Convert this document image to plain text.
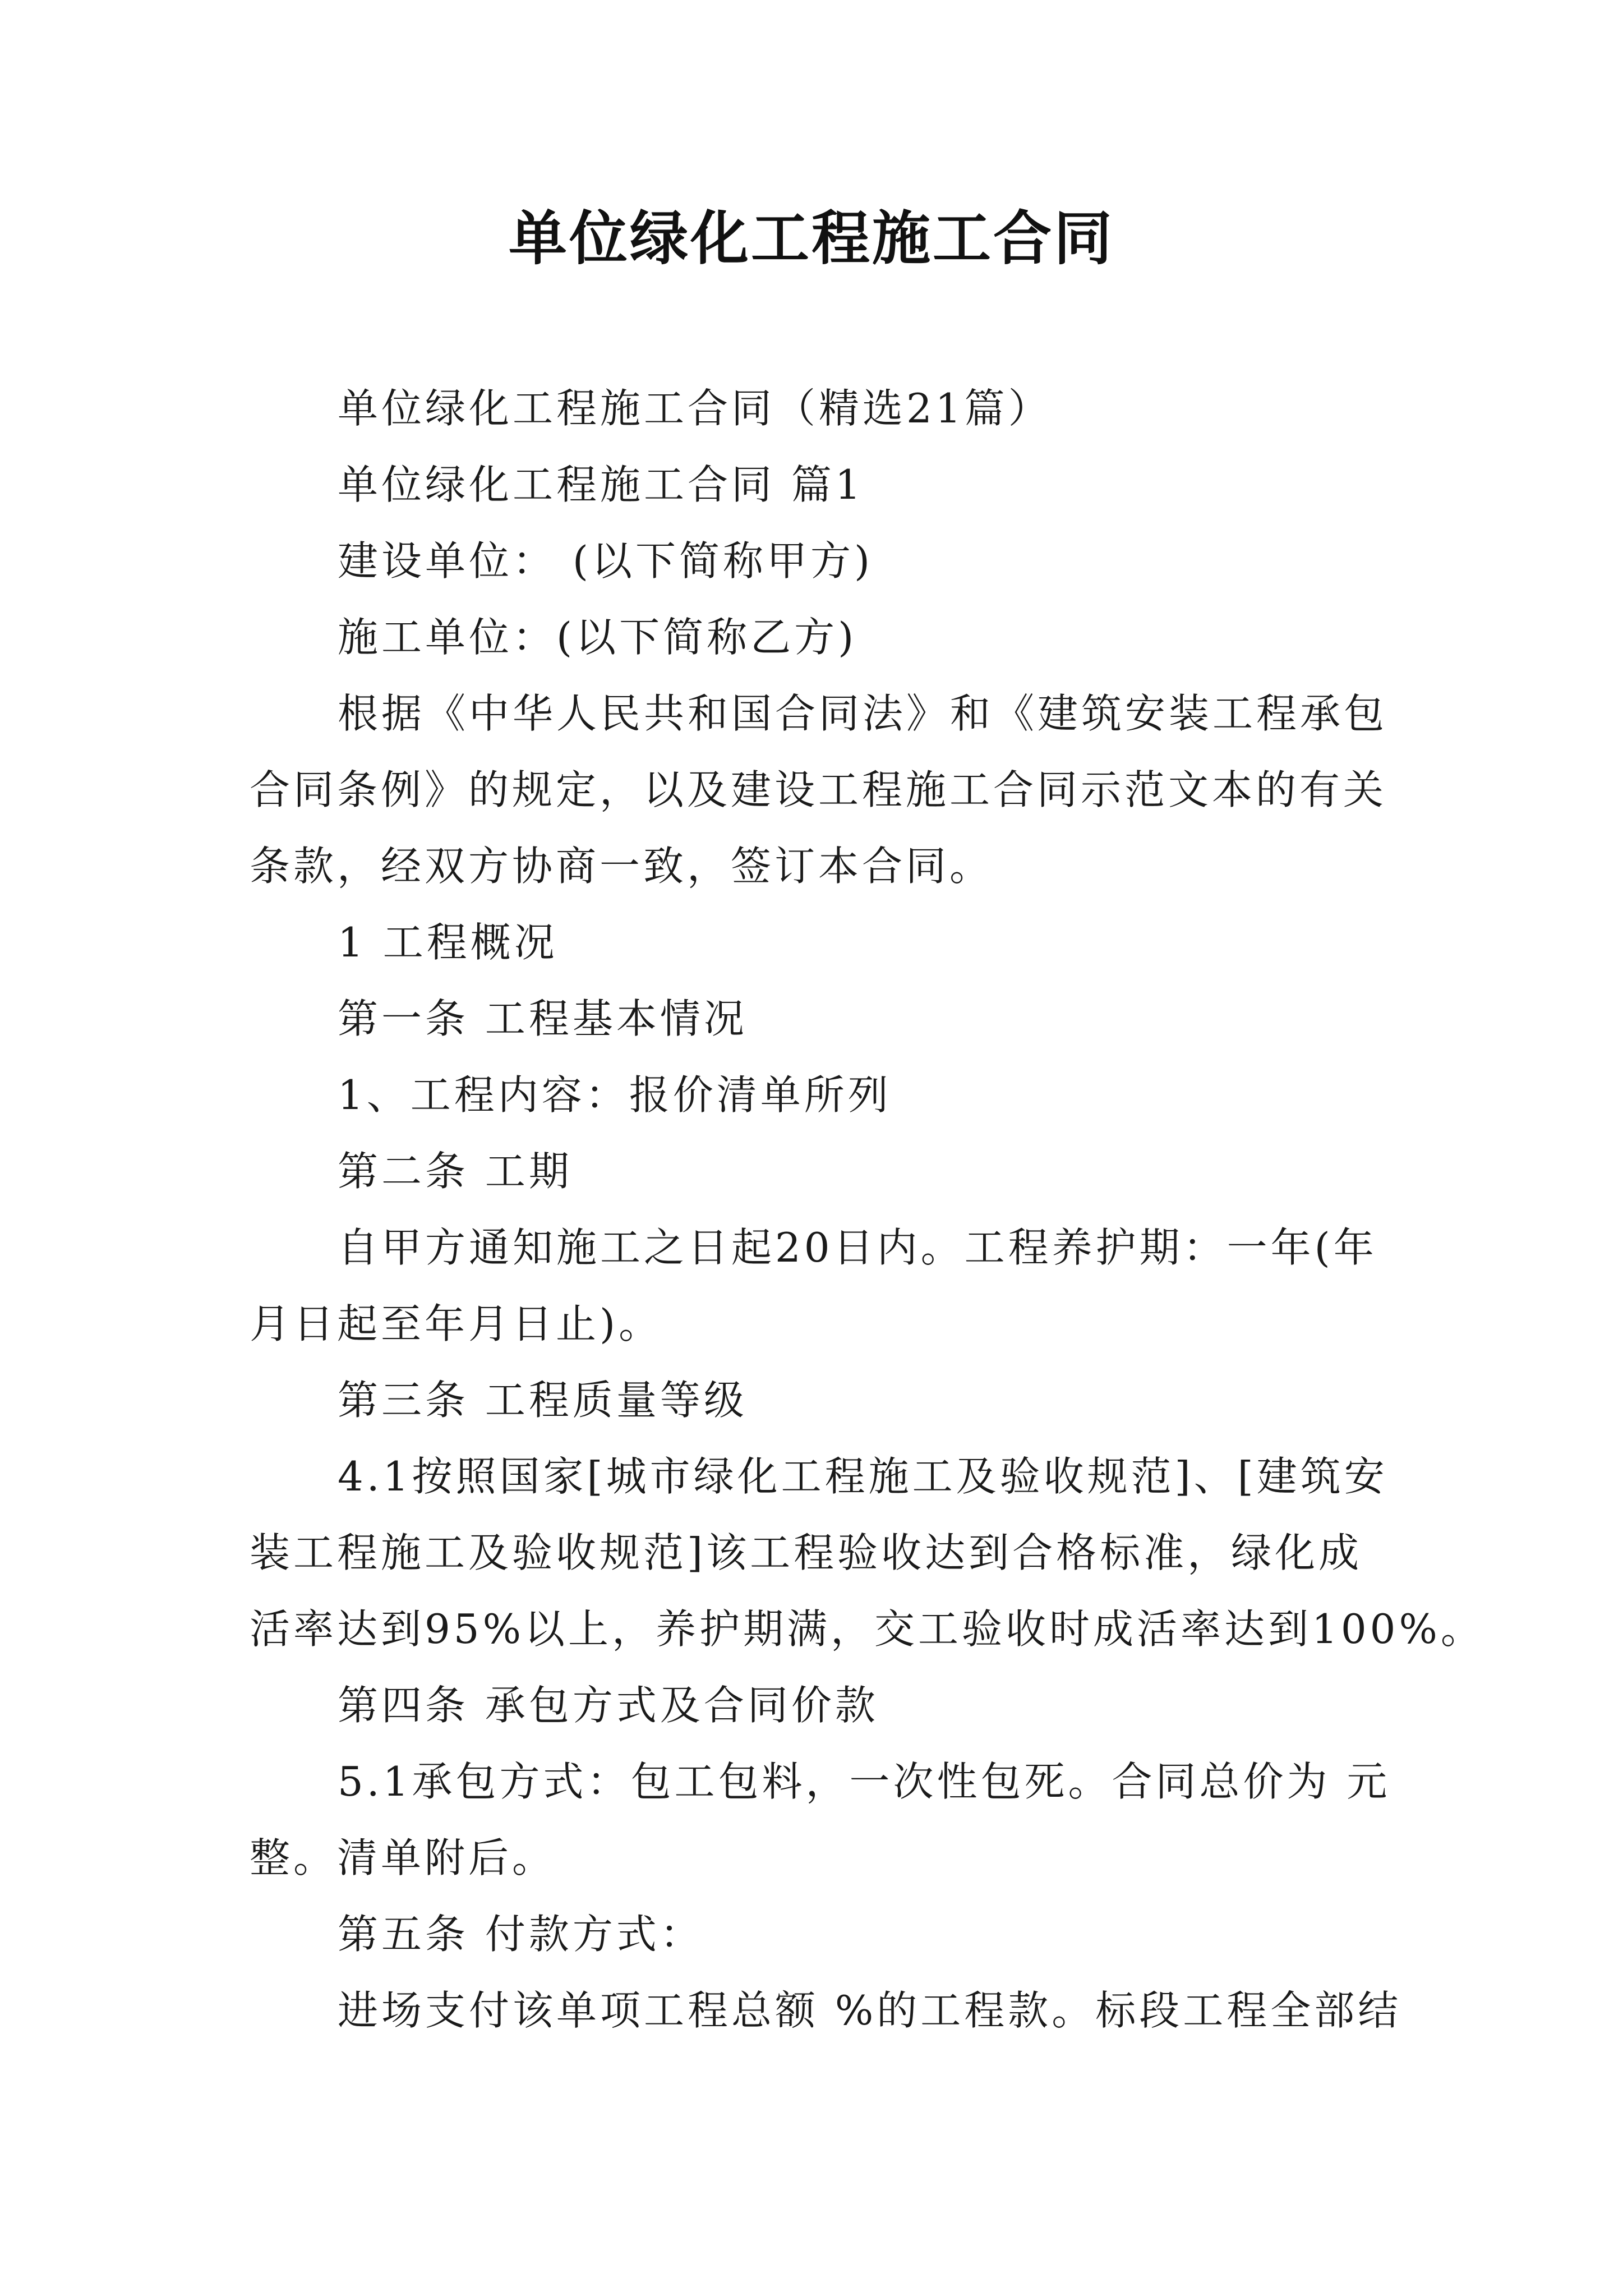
单位绿化工程施工合同

单位绿化工程施工合同（精选21篇）

单位绿化工程施工合同 篇1

建设单位： (以下简称甲方)

施工单位：(以下简称乙方)

根据《中华人民共和国合同法》和《建筑安装工程承包

合同条例》的规定，以及建设工程施工合同示范文本的有关

条款，经双方协商一致，签订本合同。

1 工程概况

第一条 工程基本情况

1、工程内容：报价清单所列

第二条 工期

自甲方通知施工之日起20日内。工程养护期：一年(年

月日起至年月日止)。

第三条 工程质量等级

4.1按照国家[城市绿化工程施工及验收规范]、[建筑安

装工程施工及验收规范]该工程验收达到合格标准，绿化成

活率达到95%以上，养护期满，交工验收时成活率达到100%。

第四条 承包方式及合同价款

5.1承包方式：包工包料，一次性包死。合同总价为 元

整。清单附后。

第五条 付款方式：

进场支付该单项工程总额 %的工程款。标段工程全部结
